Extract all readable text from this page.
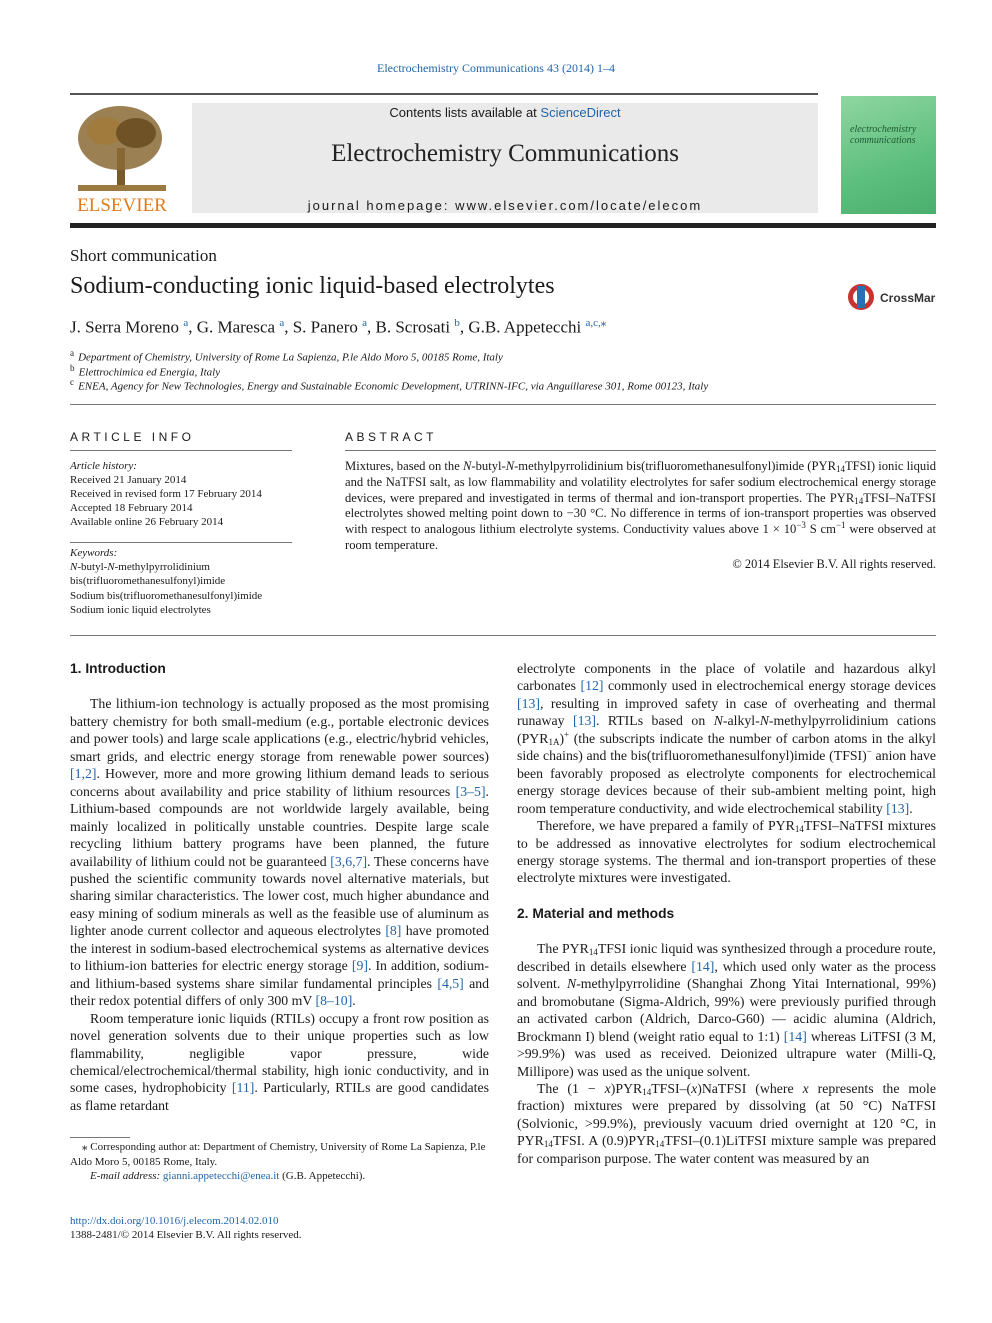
Electrochemistry Communications 43 (2014) 1–4
ELSEVIER
Contents lists available at ScienceDirect
Electrochemistry Communications
journal homepage: www.elsevier.com/locate/elecom
electrochemistry communications
Short communication
Sodium-conducting ionic liquid-based electrolytes	CrossMark
J. Serra Moreno $^a$, G. Maresca $^a$, S. Panero $^a$, B. Scrosati $^b$, G.B. Appetecchi $^{a,c,⁎}$
$^a$ Department of Chemistry, University of Rome La Sapienza, P.le Aldo Moro 5, 00185 Rome, Italy
$^b$ Elettrochimica ed Energia, Italy
$^c$ ENEA, Agency for New Technologies, Energy and Sustainable Economic Development, UTRINN-IFC, via Anguillarese 301, Rome 00123, Italy
ARTICLE INFO
Article history:
Received 21 January 2014
Received in revised form 17 February 2014
Accepted 18 February 2014
Available online 26 February 2014
Keywords:
N-butyl-N-methylpyrrolidinium
bis(trifluoromethanesulfonyl)imide
Sodium bis(trifluoromethanesulfonyl)imide
Sodium ionic liquid electrolytes
ABSTRACT
Mixtures, based on the N-butyl-N-methylpyrrolidinium bis(trifluoromethanesulfonyl)imide $(PYR_{14}TFSI)$ ionic liquid and the NaTFSI salt, as low flammability and volatility electrolytes for safer sodium electrochemical energy storage devices, were prepared and investigated in terms of thermal and ion-transport properties. The $PYR_{14}TFSI$–NaTFSI electrolytes showed melting point down to −30 °C. No difference in terms of ion-transport properties was observed with respect to analogous lithium electrolyte systems. Conductivity values above $1 \times 10^{-3}$ S $cm^{-1}$ were observed at room temperature.
© 2014 Elsevier B.V. All rights reserved.
1. Introduction

The lithium-ion technology is actually proposed as the most promising battery chemistry for both small-medium (e.g., portable electronic devices and power tools) and large scale applications (e.g., electric/hybrid vehicles, smart grids, and electric energy storage from renewable power sources) [1,2]. However, more and more growing lithium demand leads to serious concerns about availability and price stability of lithium resources [3–5]. Lithium-based compounds are not worldwide largely available, being mainly localized in politically unstable countries. Despite large scale recycling lithium battery programs have been planned, the future availability of lithium could not be guaranteed [3,6,7]. These concerns have pushed the scientific community towards novel alternative materials, but sharing similar characteristics. The lower cost, much higher abundance and easy mining of sodium minerals as well as the feasible use of aluminum as lighter anode current collector and aqueous electrolytes [8] have promoted the interest in sodium-based electrochemical systems as alternative devices to lithium-ion batteries for electric energy storage [9]. In addition, sodium- and lithium-based systems share similar fundamental principles [4,5] and their redox potential differs of only 300 mV [8–10].

Room temperature ionic liquids (RTILs) occupy a front row position as novel generation solvents due to their unique properties such as low flammability, negligible vapor pressure, wide chemical/electrochemical/thermal stability, high ionic conductivity, and in some cases, hydrophobicity [11]. Particularly, RTILs are good candidates as flame retardant

electrolyte components in the place of volatile and hazardous alkyl carbonates [12] commonly used in electrochemical energy storage devices [13], resulting in improved safety in case of overheating and thermal runaway [13]. RTILs based on N-alkyl-N-methylpyrrolidinium cations $(PYR_{1A})^+$ (the subscripts indicate the number of carbon atoms in the alkyl side chains) and the bis(trifluoromethanesulfonyl)imide (TFSI)− anion have been favorably proposed as electrolyte components for electrochemical energy storage devices because of their sub-ambient melting point, high room temperature conductivity, and wide electrochemical stability [13].

Therefore, we have prepared a family of $PYR_{14}TFSI$–NaTFSI mixtures to be addressed as innovative electrolytes for sodium electrochemical energy storage systems. The thermal and ion-transport properties of these electrolyte mixtures were investigated.

2. Material and methods

The $PYR_{14}TFSI$ ionic liquid was synthesized through a procedure route, described in details elsewhere [14], which used only water as the process solvent. N-methylpyrrolidine (Shanghai Zhong Yitai International, 99%) and bromobutane (Sigma-Aldrich, 99%) were previously purified through an activated carbon (Aldrich, Darco-G60) — acidic alumina (Aldrich, Brockmann I) blend (weight ratio equal to 1:1) [14] whereas LiTFSI (3 M, >99.9%) was used as received. Deionized ultrapure water (Milli-Q, Millipore) was used as the unique solvent.

The $(1 - x)PYR_{14}TFSI-(x)NaTFSI$ (where x represents the mole fraction) mixtures were prepared by dissolving (at 50 °C) NaTFSI (Solvionic, >99.9%), previously vacuum dried overnight at 120 °C, in $PYR_{14}TFSI$. A $(0.9)PYR_{14}TFSI-(0.1)LiTFSI$ mixture sample was prepared for comparison purpose. The water content was measured by an

⁎ Corresponding author at: Department of Chemistry, University of Rome La Sapienza, P.le Aldo Moro 5, 00185 Rome, Italy.
E-mail address: gianni.appetecchi@enea.it (G.B. Appetecchi).
http://dx.doi.org/10.1016/j.elecom.2014.02.010
1388-2481/© 2014 Elsevier B.V. All rights reserved.
